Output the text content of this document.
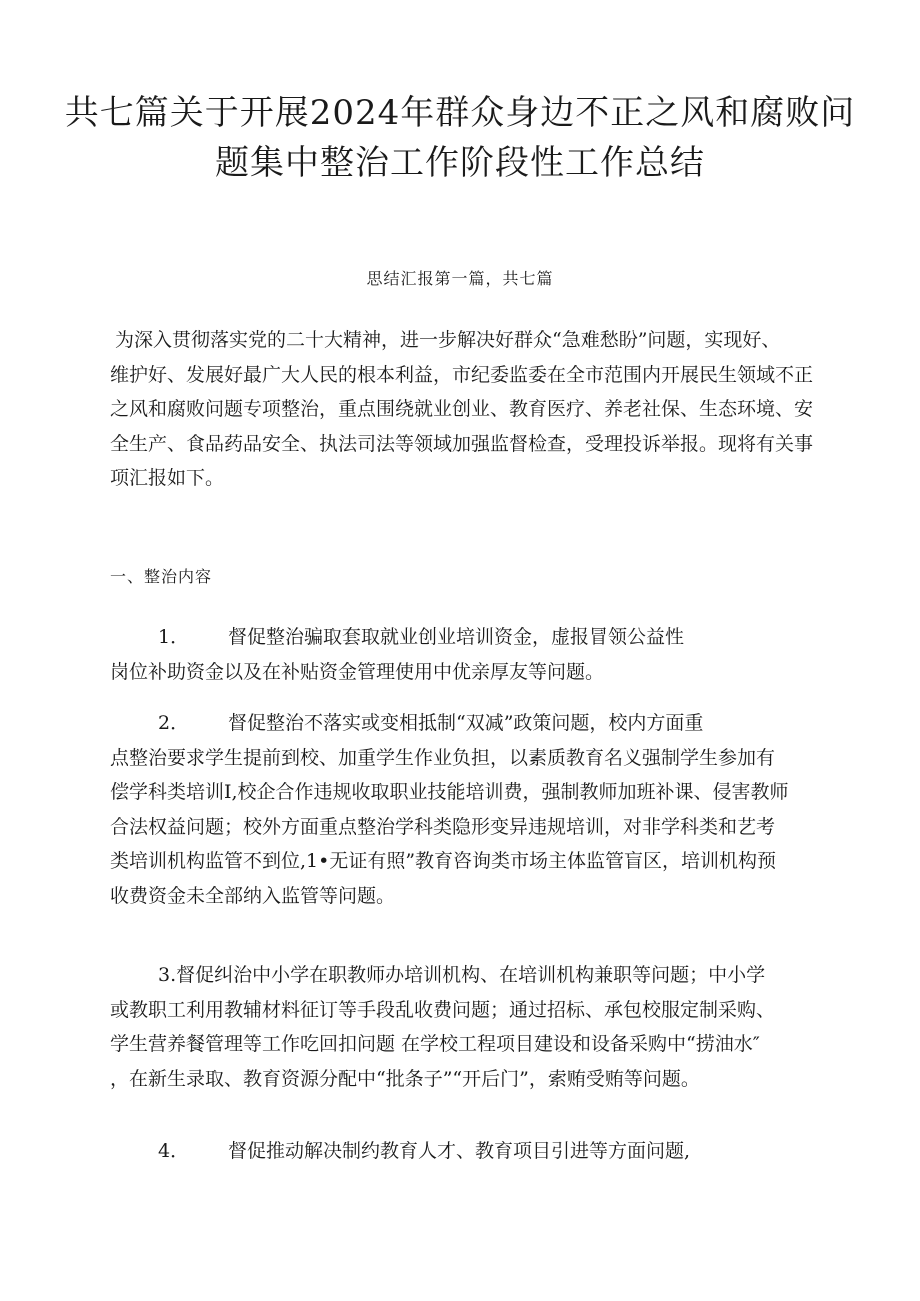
共七篇关于开展2024年群众身边不正之风和腐败问
题集中整治工作阶段性工作总结
思结汇报第一篇，共七篇
为深入贯彻落实党的二十大精神，进一步解决好群众“急难愁盼”问题，实现好、
维护好、发展好最广大人民的根本利益，市纪委监委在全市范围内开展民生领域不正
之风和腐败问题专项整治，重点围绕就业创业、教育医疗、养老社保、生态环境、安
全生产、食品药品安全、执法司法等领域加强监督检查，受理投诉举报。现将有关事
项汇报如下。
一、整治内容
1． 督促整治骗取套取就业创业培训资金，虚报冒领公益性
岗位补助资金以及在补贴资金管理使用中优亲厚友等问题。
2． 督促整治不落实或变相抵制“双减”政策问题，校内方面重
点整治要求学生提前到校、加重学生作业负担，以素质教育名义强制学生参加有
偿学科类培训I,校企合作违规收取职业技能培训费，强制教师加班补课、侵害教师
合法权益问题；校外方面重点整治学科类隐形变异违规培训，对非学科类和艺考
类培训机构监管不到位,1•无证有照”教育咨询类市场主体监管盲区，培训机构预
收费资金未全部纳入监管等问题。
3.督促纠治中小学在职教师办培训机构、在培训机构兼职等问题；中小学
或教职工利用教辅材料征订等手段乱收费问题；通过招标、承包校服定制采购、
学生营养餐管理等工作吃回扣问题 在学校工程项目建设和设备采购中“捞油水″
，在新生录取、教育资源分配中“批条子”“开后门”，索贿受贿等问题。
4． 督促推动解决制约教育人才、教育项目引进等方面问题,
